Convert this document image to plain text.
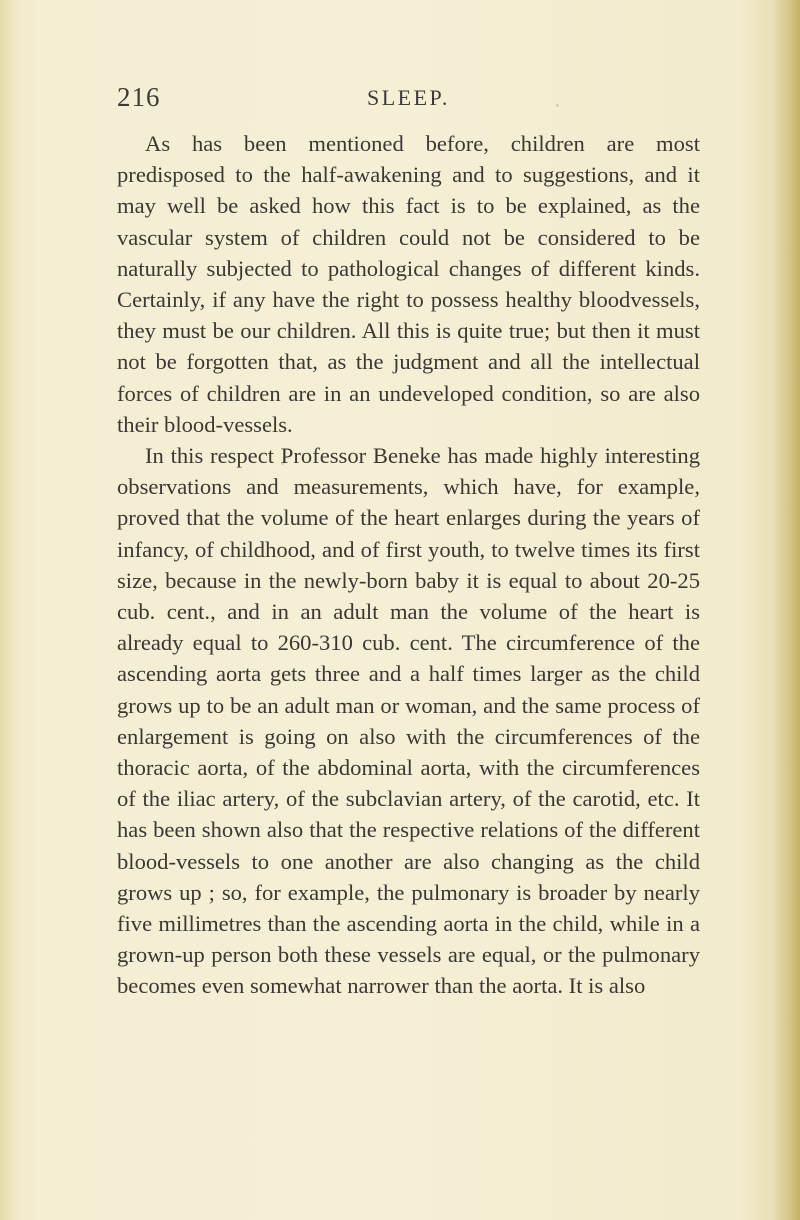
216	SLEEP.

As has been mentioned before, children are most predisposed to the half-awakening and to suggestions, and it may well be asked how this fact is to be explained, as the vascular system of children could not be considered to be naturally subjected to pathological changes of different kinds. Certainly, if any have the right to possess healthy bloodvessels, they must be our children. All this is quite true; but then it must not be forgotten that, as the judgment and all the intellectual forces of children are in an undeveloped condition, so are also their blood-vessels.

In this respect Professor Beneke has made highly interesting observations and measurements, which have, for example, proved that the volume of the heart enlarges during the years of infancy, of childhood, and of first youth, to twelve times its first size, because in the newly-born baby it is equal to about 20-25 cub. cent., and in an adult man the volume of the heart is already equal to 260-310 cub. cent. The circumference of the ascending aorta gets three and a half times larger as the child grows up to be an adult man or woman, and the same process of enlargement is going on also with the circumferences of the thoracic aorta, of the abdominal aorta, with the circumferences of the iliac artery, of the subclavian artery, of the carotid, etc. It has been shown also that the respective relations of the different blood-vessels to one another are also changing as the child grows up ; so, for example, the pulmonary is broader by nearly five millimetres than the ascending aorta in the child, while in a grown-up person both these vessels are equal, or the pulmonary becomes even somewhat narrower than the aorta. It is also
